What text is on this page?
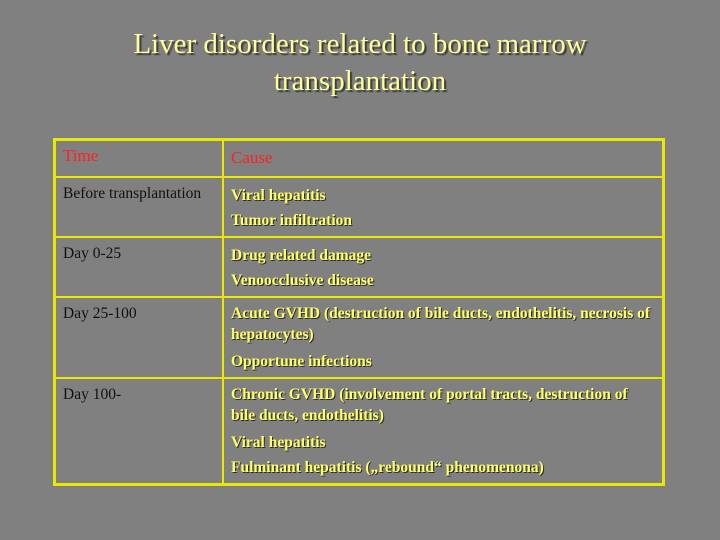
Liver disorders related to bone marrow
transplantation
Time	Cause
Before transplantation	Viral hepatitis
Tumor infiltration

Day 0-25	Drug related damage
Venoocclusive disease

Day 25-100	Acute GVHD (destruction of bile ducts, endothelitis, necrosis of hepatocytes)
Opportune infections

Day 100-	Chronic GVHD (involvement of portal tracts, destruction of bile ducts, endothelitis)
Viral hepatitis
Fulminant hepatitis („rebound“ phenomenona)
